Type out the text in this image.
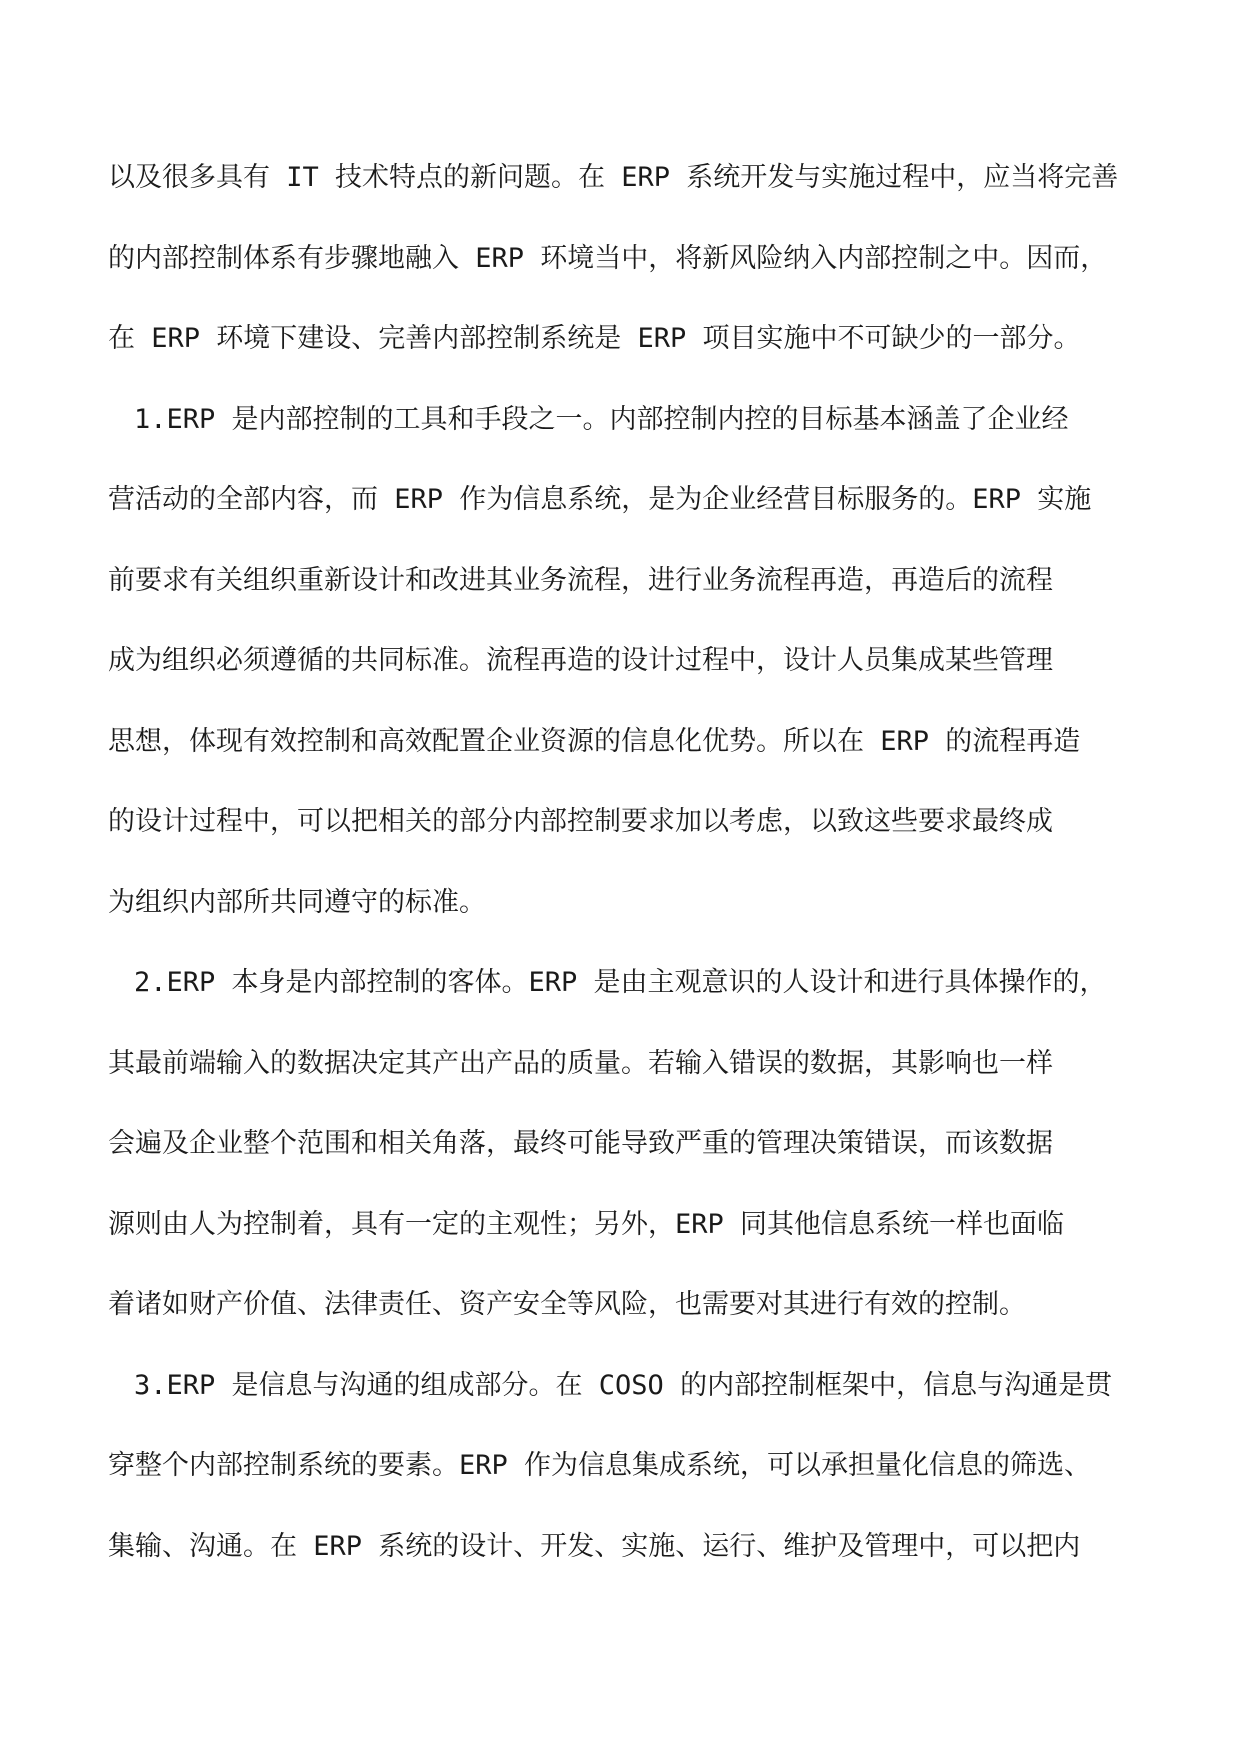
以及很多具有 IT 技术特点的新问题。在 ERP 系统开发与实施过程中，应当将完善
的内部控制体系有步骤地融入 ERP 环境当中，将新风险纳入内部控制之中。因而，
在 ERP 环境下建设、完善内部控制系统是 ERP 项目实施中不可缺少的一部分。
1.ERP 是内部控制的工具和手段之一。内部控制内控的目标基本涵盖了企业经
营活动的全部内容，而 ERP 作为信息系统，是为企业经营目标服务的。ERP 实施
前要求有关组织重新设计和改进其业务流程，进行业务流程再造，再造后的流程
成为组织必须遵循的共同标准。流程再造的设计过程中，设计人员集成某些管理
思想，体现有效控制和高效配置企业资源的信息化优势。所以在 ERP 的流程再造
的设计过程中，可以把相关的部分内部控制要求加以考虑，以致这些要求最终成
为组织内部所共同遵守的标准。
2.ERP 本身是内部控制的客体。ERP 是由主观意识的人设计和进行具体操作的，
其最前端输入的数据决定其产出产品的质量。若输入错误的数据，其影响也一样
会遍及企业整个范围和相关角落，最终可能导致严重的管理决策错误，而该数据
源则由人为控制着，具有一定的主观性；另外，ERP 同其他信息系统一样也面临
着诸如财产价值、法律责任、资产安全等风险，也需要对其进行有效的控制。
3.ERP 是信息与沟通的组成部分。在 COSO 的内部控制框架中，信息与沟通是贯
穿整个内部控制系统的要素。ERP 作为信息集成系统，可以承担量化信息的筛选、
集输、沟通。在 ERP 系统的设计、开发、实施、运行、维护及管理中，可以把内
